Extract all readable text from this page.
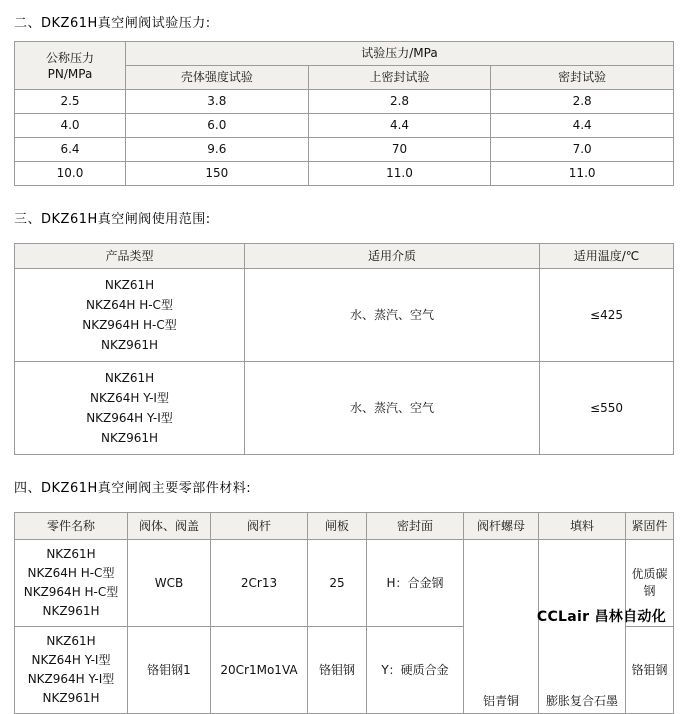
二、DKZ61H真空闸阀试验压力:
公称压力
PN/MPa	试验压力/MPa		
	壳体强度试验	上密封试验	密封试验
2.5	3.8	2.8	2.8
4.0	6.0	4.4	4.4
6.4	9.6	70	7.0
10.0	150	11.0	11.0
三、DKZ61H真空闸阀使用范围:
产品类型	适用介质	适用温度/℃
NKZ61H
NKZ64H H-C型
NKZ964H H-C型
NKZ961H	水、蒸汽、空气	≤425
NKZ61H
NKZ64H Y-I型
NKZ964H Y-I型
NKZ961H	水、蒸汽、空气	≤550
四、DKZ61H真空闸阀主要零部件材料:
零件名称	阀体、阀盖	阀杆	闸板	密封面	阀杆螺母	填料	紧固件
NKZ61H
NKZ64H H-C型
NKZ964H H-C型
NKZ961H	WCB	2Cr13	25	H：合金钢	铝青铜	膨胀复合石墨	优质碳钢
NKZ61H
NKZ64H Y-I型
NKZ964H Y-I型
NKZ961H	铬钼钢1	20Cr1Mo1VA	铬钼钢	Y：硬质合金			铬钼钢
CCLair 昌林自动化
